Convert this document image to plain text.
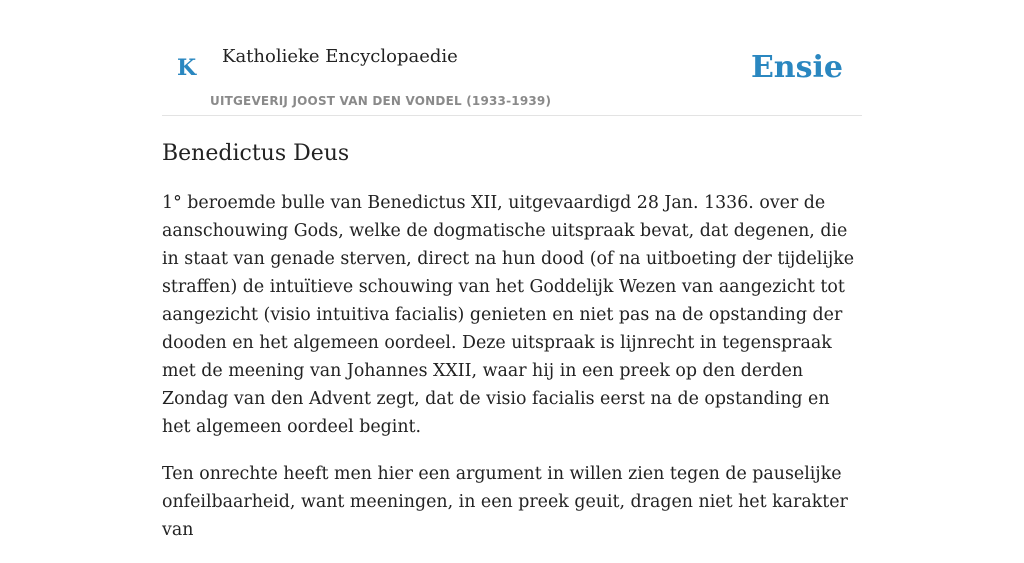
K Katholieke Encyclopaedie
UITGEVERIJ JOOST VAN DEN VONDEL (1933-1939)
Ensie
Benedictus Deus

1° beroemde bulle van Benedictus XII, uitgevaardigd 28 Jan. 1336. over de aanschouwing Gods, welke de dogmatische uitspraak bevat, dat degenen, die in staat van genade sterven, direct na hun dood (of na uitboeting der tijdelijke straffen) de intuïtieve schouwing van het Goddelijk Wezen van aangezicht tot aangezicht (visio intuitiva facialis) genieten en niet pas na de opstanding der dooden en het algemeen oordeel. Deze uitspraak is lijnrecht in tegenspraak met de meening van Johannes XXII, waar hij in een preek op den derden Zondag van den Advent zegt, dat de visio facialis eerst na de opstanding en het algemeen oordeel begint.

Ten onrechte heeft men hier een argument in willen zien tegen de pauselijke onfeilbaarheid, want meeningen, in een preek geuit, dragen niet het karakter van
